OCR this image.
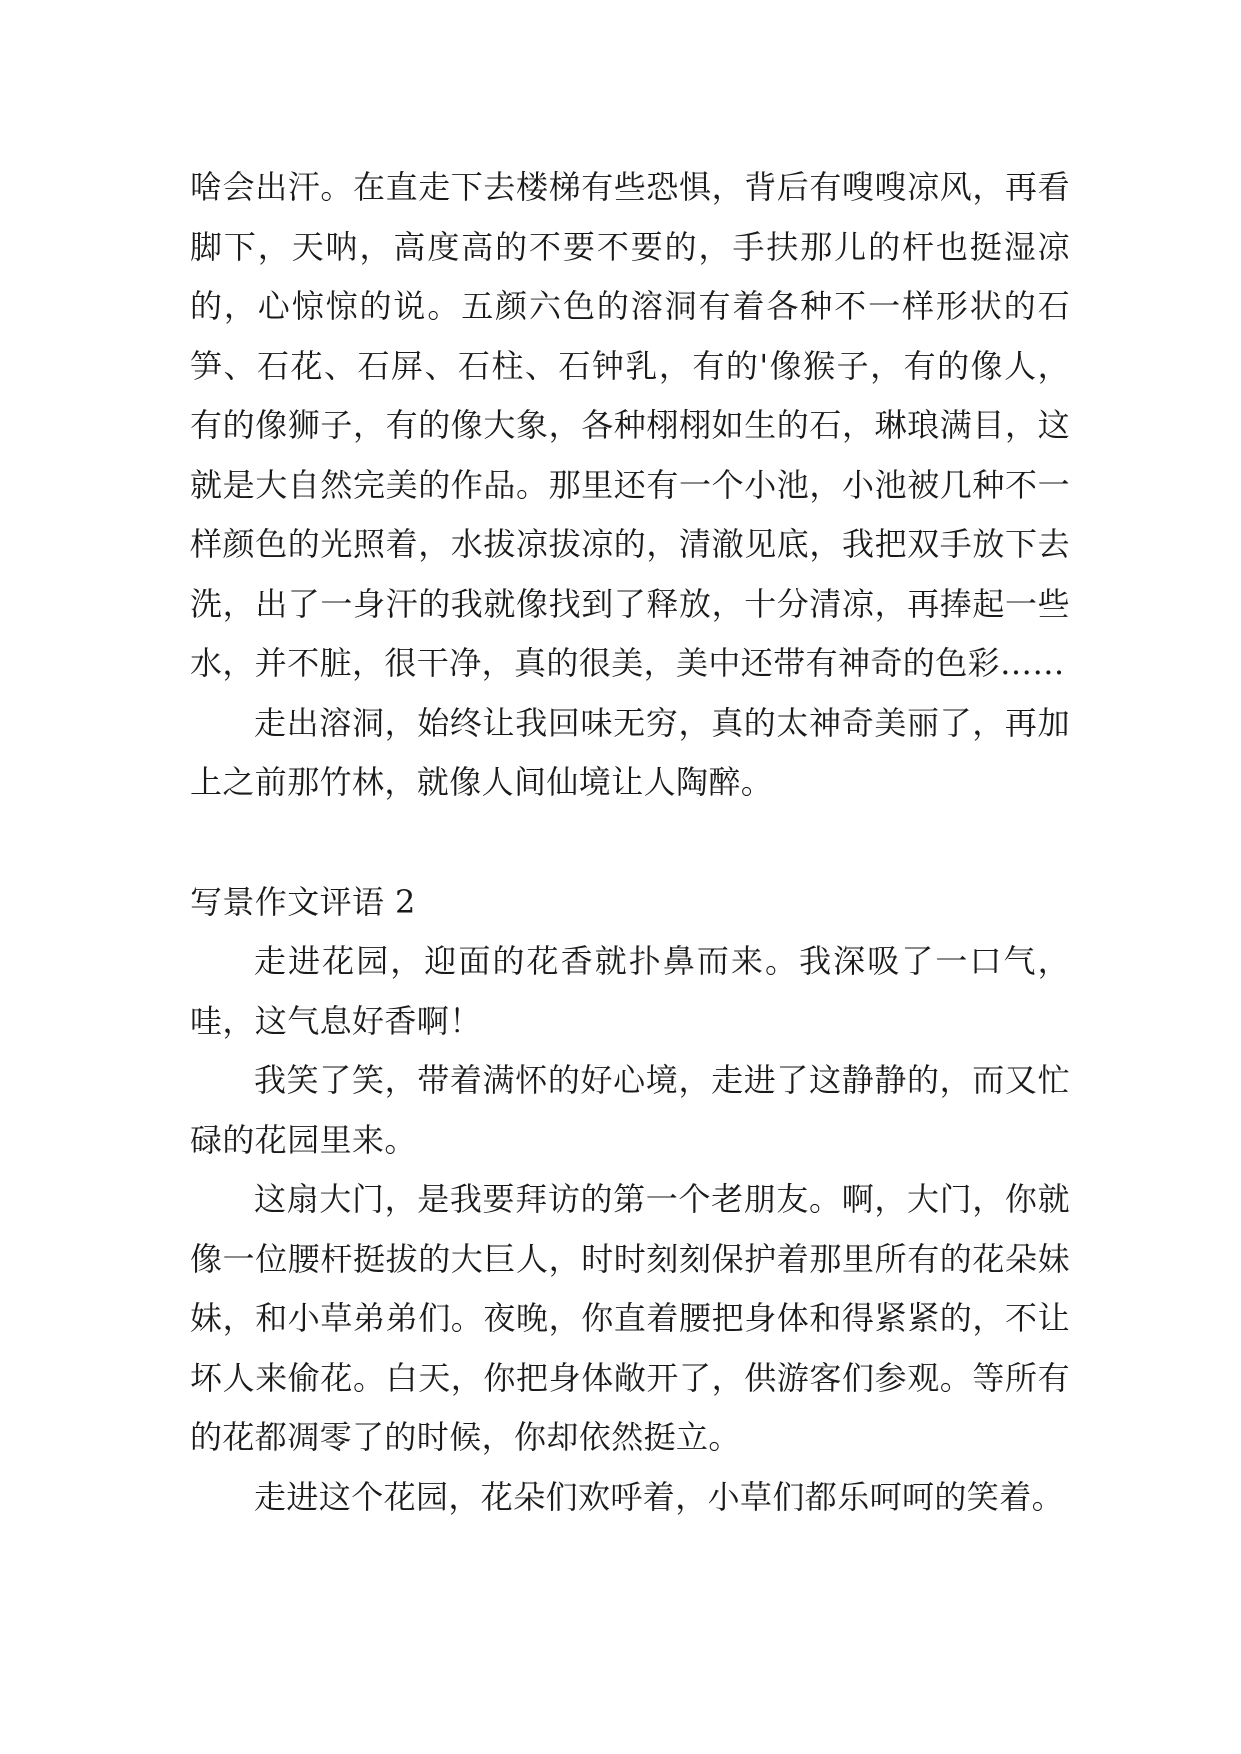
啥会出汗。在直走下去楼梯有些恐惧，背后有嗖嗖凉风，再看脚下，天呐，高度高的不要不要的，手扶那儿的杆也挺湿凉的，心惊惊的说。五颜六色的溶洞有着各种不一样形状的石笋、石花、石屏、石柱、石钟乳，有的'像猴子，有的像人，有的像狮子，有的像大象，各种栩栩如生的石，琳琅满目，这就是大自然完美的作品。那里还有一个小池，小池被几种不一样颜色的光照着，水拔凉拔凉的，清澈见底，我把双手放下去洗，出了一身汗的我就像找到了释放，十分清凉，再捧起一些水，并不脏，很干净，真的很美，美中还带有神奇的色彩……

走出溶洞，始终让我回味无穷，真的太神奇美丽了，再加上之前那竹林，就像人间仙境让人陶醉。

写景作文评语 2

走进花园，迎面的花香就扑鼻而来。我深吸了一口气，哇，这气息好香啊！

我笑了笑，带着满怀的好心境，走进了这静静的，而又忙碌的花园里来。

这扇大门，是我要拜访的第一个老朋友。啊，大门，你就像一位腰杆挺拔的大巨人，时时刻刻保护着那里所有的花朵妹妹，和小草弟弟们。夜晚，你直着腰把身体和得紧紧的，不让坏人来偷花。白天，你把身体敞开了，供游客们参观。等所有的花都凋零了的时候，你却依然挺立。

走进这个花园，花朵们欢呼着，小草们都乐呵呵的笑着。
